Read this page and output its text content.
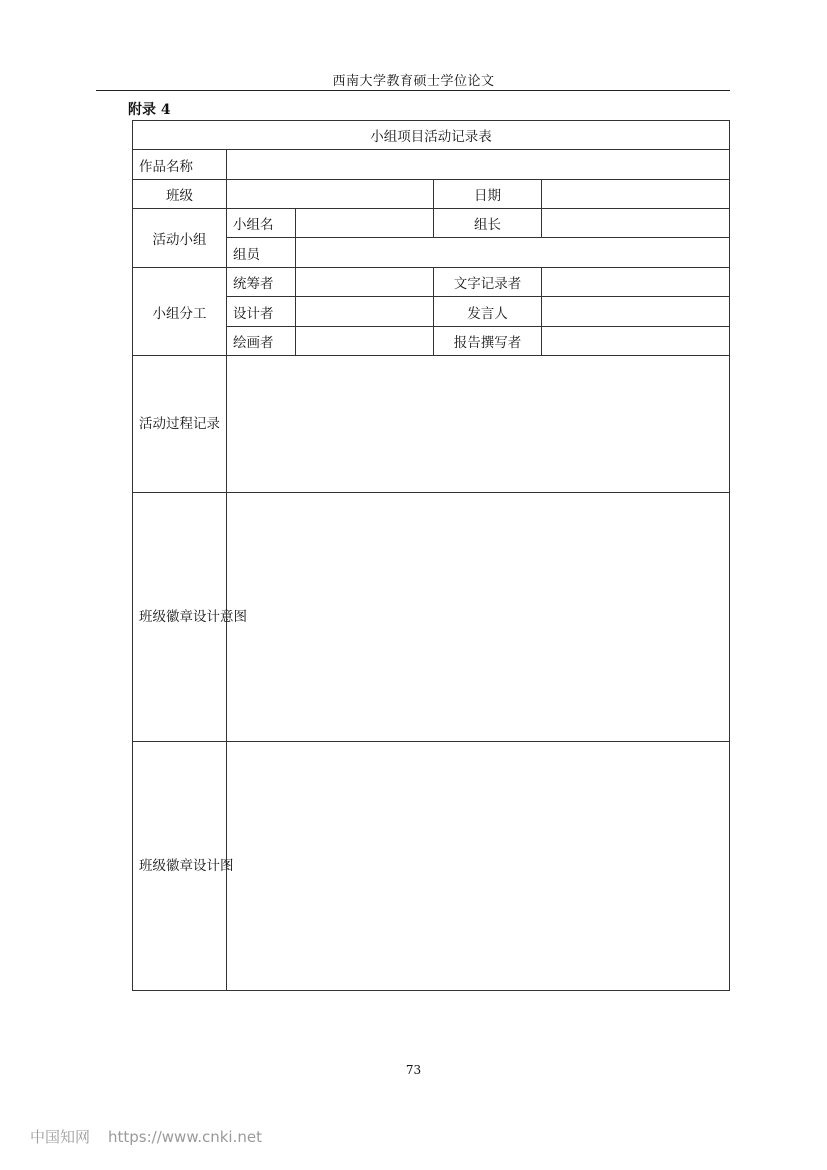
西南大学教育硕士学位论文
附录 4
小组项目活动记录表				
作品名称				
班级			日期	
活动小组	小组名		组长	
	组员			
小组分工	统筹者		文字记录者	
	设计者		发言人	
	绘画者		报告撰写者	
活动过程记录				
班级徽章设计意图				
班级徽章设计图				
73
中国知网 https://www.cnki.net
